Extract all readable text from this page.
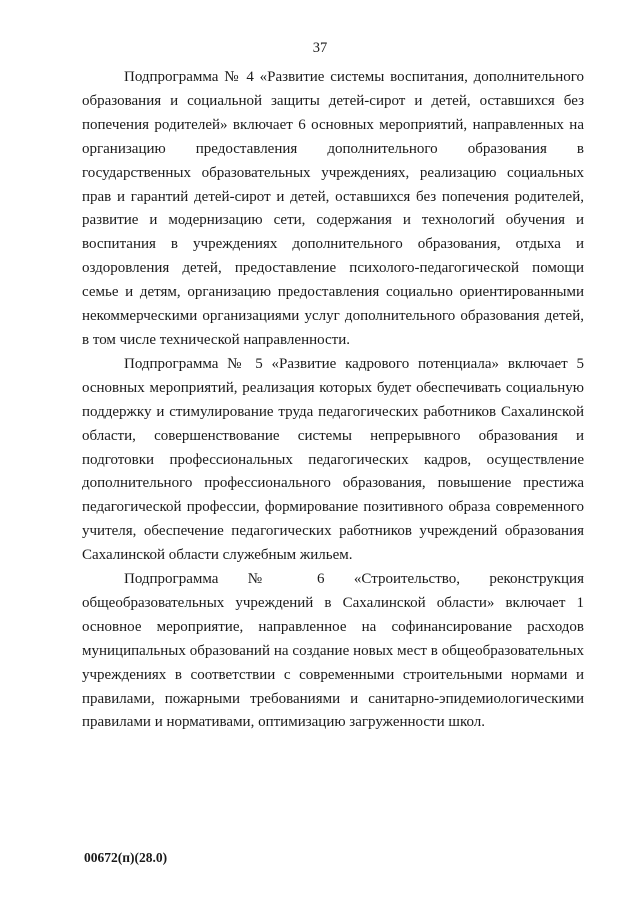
37

Подпрограмма № 4 «Развитие системы воспитания, дополнительного образования и социальной защиты детей-сирот и детей, оставшихся без попечения родителей» включает 6 основных мероприятий, направленных на организацию предоставления дополнительного образования в государственных образовательных учреждениях, реализацию социальных прав и гарантий детей-сирот и детей, оставшихся без попечения родителей, развитие и модернизацию сети, содержания и технологий обучения и воспитания в учреждениях дополнительного образования, отдыха и оздоровления детей, предоставление психолого-педагогической помощи семье и детям, организацию предоставления социально ориентированными некоммерческими организациями услуг дополнительного образования детей, в том числе технической направленности.

Подпрограмма № 5 «Развитие кадрового потенциала» включает 5 основных мероприятий, реализация которых будет обеспечивать социальную поддержку и стимулирование труда педагогических работников Сахалинской области, совершенствование системы непрерывного образования и подготовки профессиональных педагогических кадров, осуществление дополнительного профессионального образования, повышение престижа педагогической профессии, формирование позитивного образа современного учителя, обеспечение педагогических работников учреждений образования Сахалинской области служебным жильем.

Подпрограмма № 6 «Строительство, реконструкция общеобразовательных учреждений в Сахалинской области» включает 1 основное мероприятие, направленное на софинансирование расходов муниципальных образований на создание новых мест в общеобразовательных учреждениях в соответствии с современными строительными нормами и правилами, пожарными требованиями и санитарно-эпидемиологическими правилами и нормативами, оптимизацию загруженности школ.

00672(п)(28.0)
